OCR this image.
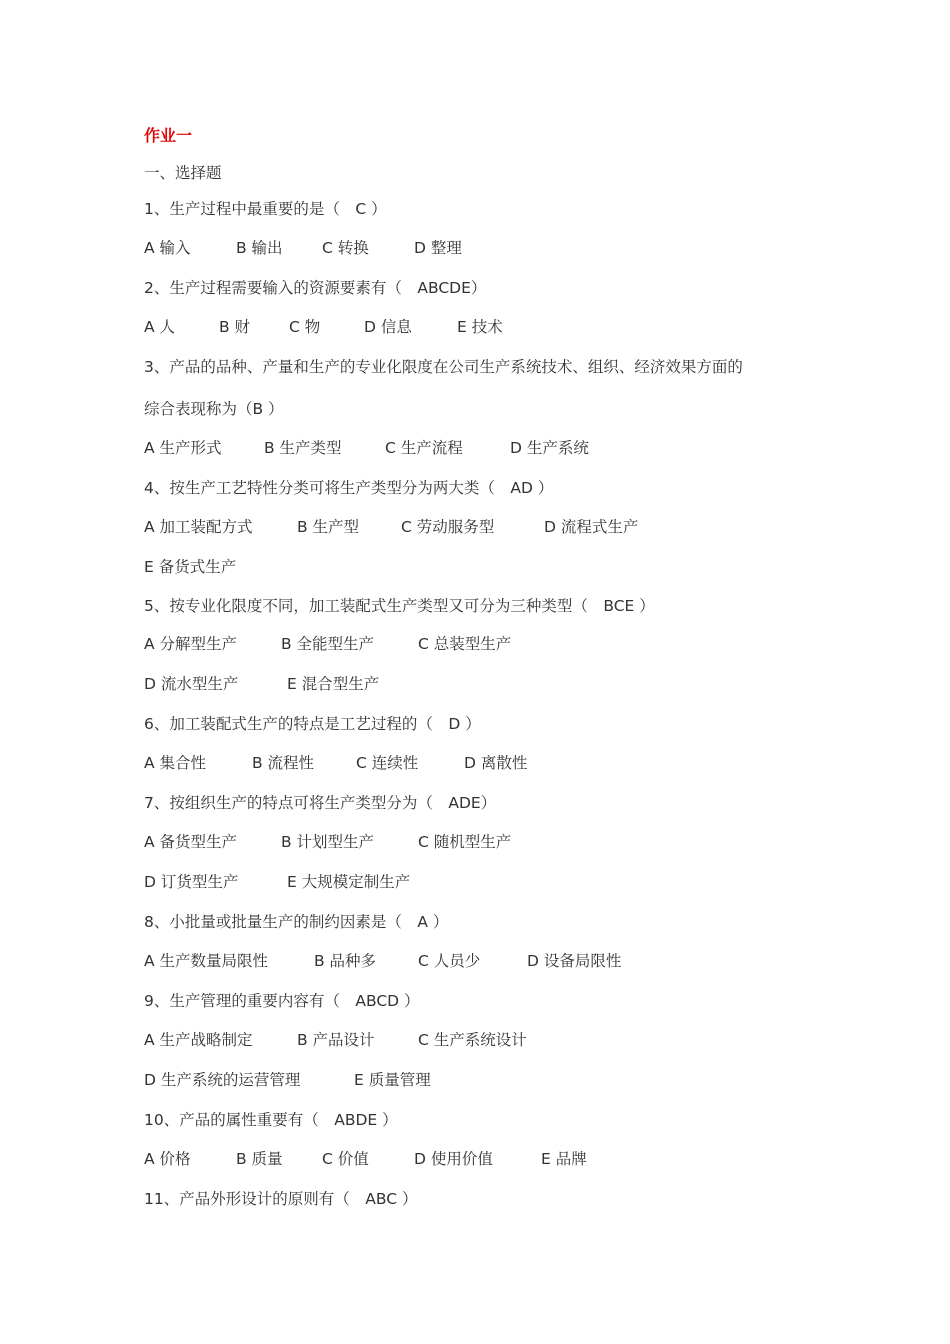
作业一
一、选择题
1、生产过程中最重要的是（　C ）
A 输入	B 输出	C 转换	D 整理
2、生产过程需要输入的资源要素有（　ABCDE）
A 人	B 财	C 物	D 信息	E 技术
3、产品的品种、产量和生产的专业化限度在公司生产系统技术、组织、经济效果方面的
综合表现称为（B ）
A 生产形式	B 生产类型	C 生产流程	D 生产系统
4、按生产工艺特性分类可将生产类型分为两大类（　AD ）
A 加工装配方式	B 生产型	C 劳动服务型	D 流程式生产
E 备货式生产
5、按专业化限度不同，加工装配式生产类型又可分为三种类型（　BCE ）
A 分解型生产	B 全能型生产	C 总装型生产
D 流水型生产	E 混合型生产
6、加工装配式生产的特点是工艺过程的（　D ）
A 集合性	B 流程性	C 连续性	D 离散性
7、按组织生产的特点可将生产类型分为（　ADE）
A 备货型生产	B 计划型生产	C 随机型生产
D 订货型生产	E 大规模定制生产
8、小批量或批量生产的制约因素是（　A ）
A 生产数量局限性	B 品种多	C 人员少	D 设备局限性
9、生产管理的重要内容有（　ABCD ）
A 生产战略制定	B 产品设计	C 生产系统设计
D 生产系统的运营管理	E 质量管理
10、产品的属性重要有（　ABDE ）
A 价格	B 质量	C 价值	D 使用价值	E 品牌
11、产品外形设计的原则有（　ABC ）
